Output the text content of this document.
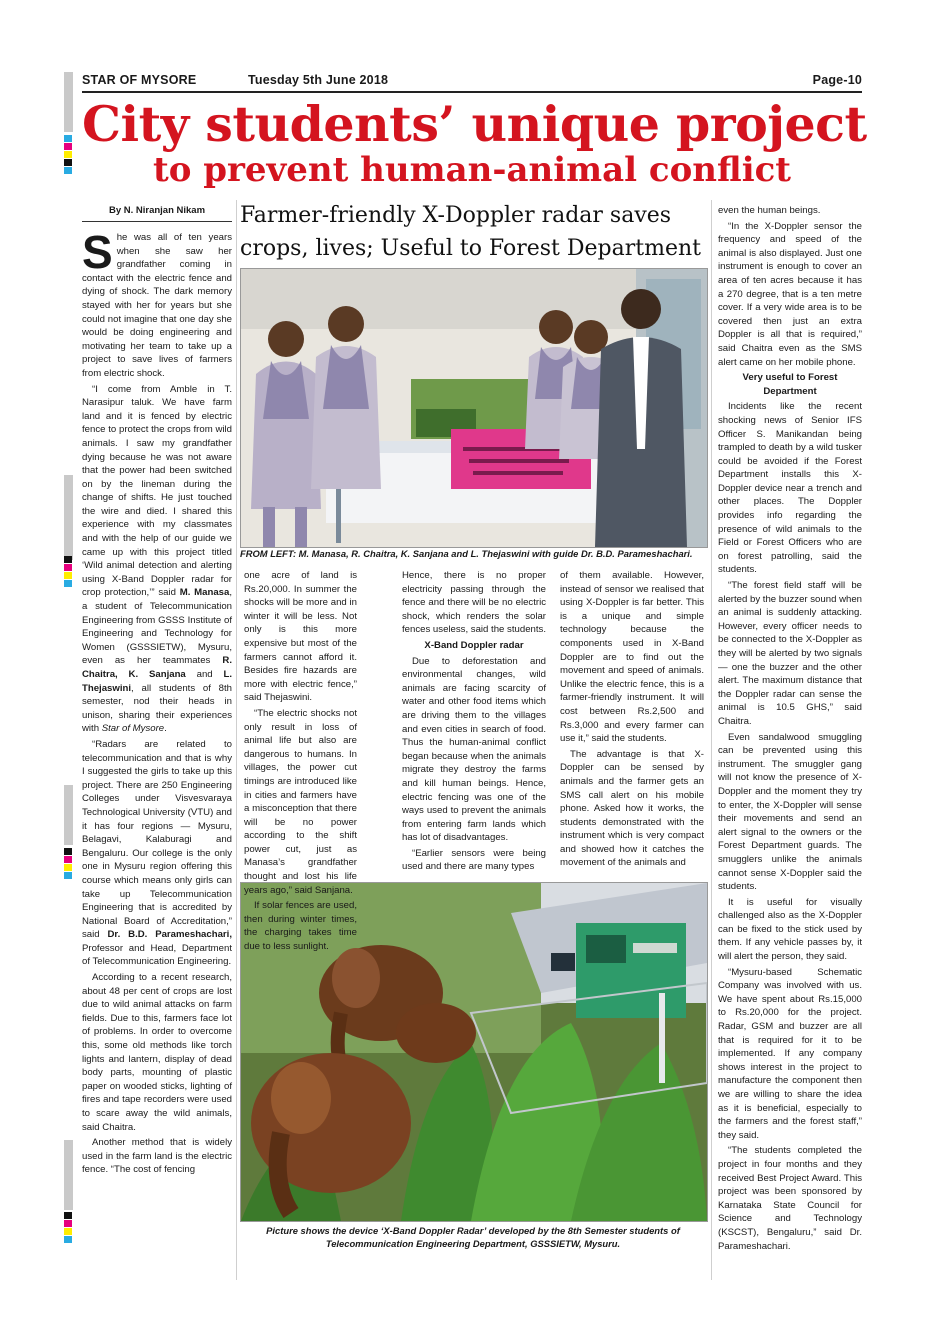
STAR OF MYSORE	Tuesday 5th June 2018	Page-10
City students’ unique project
to prevent human-animal conflict
By N. Niranjan Nikam	Farmer-friendly X-Doppler radar saves
crops, lives; Useful to Forest Department
FROM LEFT: M. Manasa, R. Chaitra, K. Sanjana and L. Thejaswini with guide Dr. B.D. Parameshachari.
Picture shows the device ‘X-Band Doppler Radar’ developed by the 8th Semester students of
Telecommunication Engineering Department, GSSSIETW, Mysuru.

She was all of ten years when she saw her grandfather coming in contact with the electric fence and dying of shock. The dark memory stayed with her for years but she could not imagine that one day she would be doing engineering and motivating her team to take up a project to save lives of farmers from electric shock.

“I come from Amble in T. Narasipur taluk. We have farm land and it is fenced by electric fence to protect the crops from wild animals. I saw my grandfather dying because he was not aware that the power had been switched on by the lineman during the change of shifts. He just touched the wire and died. I shared this experience with my classmates and with the help of our guide we came up with this project titled ‘Wild animal detection and alerting using X-Band Doppler radar for crop protection,’” said M. Manasa, a student of Telecommunication Engineering from GSSS Institute of Engineering and Technology for Women (GSSSIETW), Mysuru, even as her teammates R. Chaitra, K. Sanjana and L. Thejaswini, all students of 8th semester, nod their heads in unison, sharing their experiences with Star of Mysore.

“Radars are related to telecommunication and that is why I suggested the girls to take up this project. There are 250 Engineering Colleges under Visvesvaraya Technological University (VTU) and it has four regions — Mysuru, Belagavi, Kalaburagi and Bengaluru. Our college is the only one in Mysuru region offering this course which means only girls can take up Telecommunication Engineering that is accredited by National Board of Accreditation,” said Dr. B.D. Parameshachari, Professor and Head, Department of Telecommunication Engineering.

According to a recent research, about 48 per cent of crops are lost due to wild animal attacks on farm fields. Due to this, farmers face lot of problems. In order to overcome this, some old methods like torch lights and lantern, display of dead body parts, mounting of plastic paper on wooded sticks, lighting of fires and tape recorders were used to scare away the wild animals, said Chaitra.

Another method that is widely used in the farm land is the electric fence. “The cost of fencing

one acre of land is Rs.20,000. In summer the shocks will be more and in winter it will be less. Not only is this more expensive but most of the farmers cannot afford it. Besides fire hazards are more with electric fence,” said Thejaswini.

“The electric shocks not only result in loss of animal life but also are dangerous to humans. In villages, the power cut timings are introduced like in cities and farmers have a misconception that there will be no power according to the shift power cut, just as Manasa’s grandfather thought and lost his life years ago,” said Sanjana.

If solar fences are used, then during winter times, the charging takes time due to less sunlight.

Hence, there is no proper electricity passing through the fence and there will be no electric shock, which renders the solar fences useless, said the students.

X-Band Doppler radar

Due to deforestation and environmental changes, wild animals are facing scarcity of water and other food items which are driving them to the villages and even cities in search of food. Thus the human-animal conflict began because when the animals migrate they destroy the farms and kill human beings. Hence, electric fencing was one of the ways used to prevent the animals from entering farm lands which has lot of disadvantages.

“Earlier sensors were being used and there are many types

of them available. However, instead of sensor we realised that using X-Doppler is far better. This is a unique and simple technology because the components used in X-Band Doppler are to find out the movement and speed of animals. Unlike the electric fence, this is a farmer-friendly instrument. It will cost between Rs.2,500 and Rs.3,000 and every farmer can use it,” said the students.

The advantage is that X-Doppler can be sensed by animals and the farmer gets an SMS call alert on his mobile phone. Asked how it works, the students demonstrated with the instrument which is very compact and showed how it catches the movement of the animals and

even the human beings.

“In the X-Doppler sensor the frequency and speed of the animal is also displayed. Just one instrument is enough to cover an area of ten acres because it has a 270 degree, that is a ten metre cover. If a very wide area is to be covered then just an extra Doppler is all that is required,” said Chaitra even as the SMS alert came on her mobile phone.

Very useful to Forest Department

Incidents like the recent shocking news of Senior IFS Officer S. Manikandan being trampled to death by a wild tusker could be avoided if the Forest Department installs this X-Doppler device near a trench and other places. The Doppler provides info regarding the presence of wild animals to the Field or Forest Officers who are on forest patrolling, said the students.

“The forest field staff will be alerted by the buzzer sound when an animal is suddenly attacking. However, every officer needs to be connected to the X-Doppler as they will be alerted by two signals — one the buzzer and the other alert. The maximum distance that the Doppler radar can sense the animal is 10.5 GHS,” said Chaitra.

Even sandalwood smuggling can be prevented using this instrument. The smuggler gang will not know the presence of X-Doppler and the moment they try to enter, the X-Doppler will sense their movements and send an alert signal to the owners or the Forest Department guards. The smugglers unlike the animals cannot sense X-Doppler said the students.

It is useful for visually challenged also as the X-Doppler can be fixed to the stick used by them. If any vehicle passes by, it will alert the person, they said.

“Mysuru-based Schematic Company was involved with us. We have spent about Rs.15,000 to Rs.20,000 for the project. Radar, GSM and buzzer are all that is required for it to be implemented. If any company shows interest in the project to manufacture the component then we are willing to share the idea as it is beneficial, especially to the farmers and the forest staff,” they said.

“The students completed the project in four months and they received Best Project Award. This project was been sponsored by Karnataka State Council for Science and Technology (KSCST), Bengaluru,” said Dr. Parameshachari.
